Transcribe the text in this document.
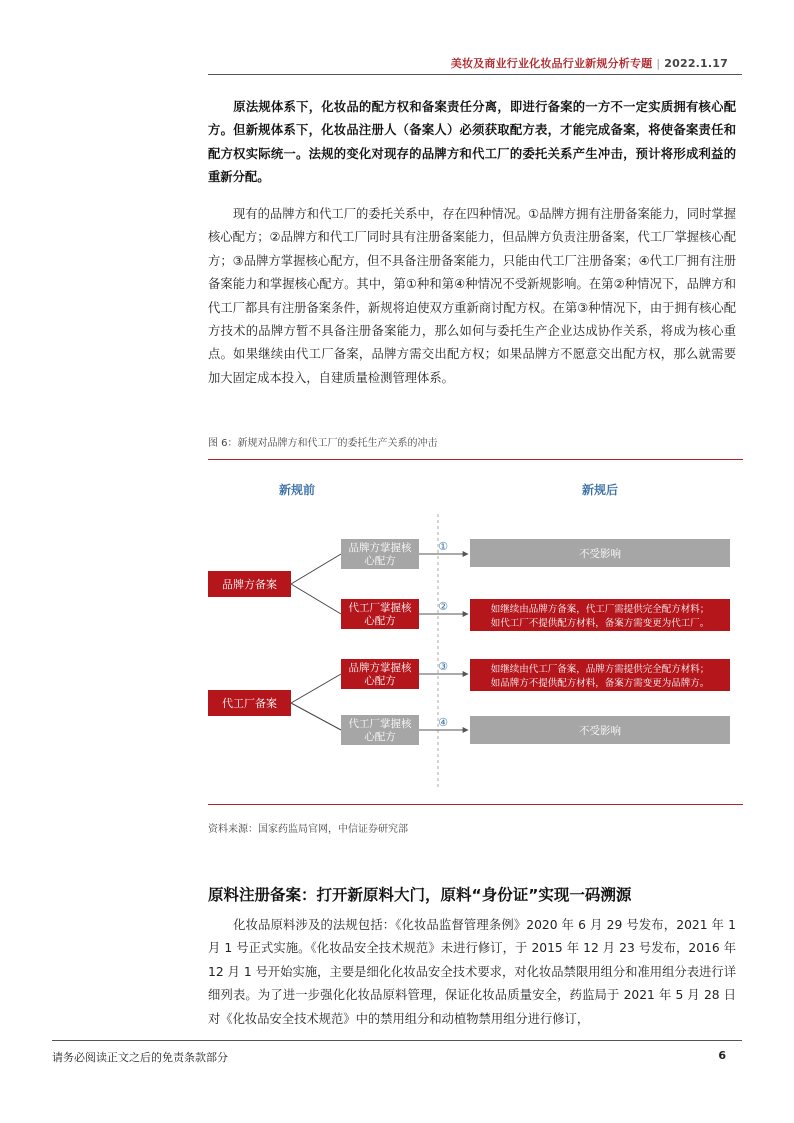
美妆及商业行业化妆品行业新规分析专题 | 2022.1.17
原法规体系下，化妆品的配方权和备案责任分离，即进行备案的一方不一定实质拥有核心配方。但新规体系下，化妆品注册人（备案人）必须获取配方表，才能完成备案，将使备案责任和配方权实际统一。法规的变化对现存的品牌方和代工厂的委托关系产生冲击，预计将形成利益的重新分配。
现有的品牌方和代工厂的委托关系中，存在四种情况。①品牌方拥有注册备案能力，同时掌握核心配方；②品牌方和代工厂同时具有注册备案能力，但品牌方负责注册备案，代工厂掌握核心配方；③品牌方掌握核心配方，但不具备注册备案能力，只能由代工厂注册备案；④代工厂拥有注册备案能力和掌握核心配方。其中，第①种和第④种情况不受新规影响。在第②种情况下，品牌方和代工厂都具有注册备案条件，新规将迫使双方重新商讨配方权。在第③种情况下，由于拥有核心配方技术的品牌方暂不具备注册备案能力，那么如何与委托生产企业达成协作关系，将成为核心重点。如果继续由代工厂备案，品牌方需交出配方权；如果品牌方不愿意交出配方权，那么就需要加大固定成本投入，自建质量检测管理体系。
图 6：新规对品牌方和代工厂的委托生产关系的冲击
新规前	新规后
品牌方备案
代工厂备案
品牌方掌握核
心配方
代工厂掌握核
心配方
品牌方掌握核
心配方
代工厂掌握核
心配方
①
②
③
④
不受影响
如继续由品牌方备案，代工厂需提供完全配方材料；
如代工厂不提供配方材料，备案方需变更为代工厂。
如继续由代工厂备案，品牌方需提供完全配方材料；
如品牌方不提供配方材料，备案方需变更为品牌方。
不受影响
资料来源：国家药监局官网，中信证券研究部
原料注册备案：打开新原料大门，原料“身份证”实现一码溯源
化妆品原料涉及的法规包括：《化妆品监督管理条例》2020 年 6 月 29 号发布，2021 年 1 月 1 号正式实施。《化妆品安全技术规范》未进行修订，于 2015 年 12 月 23 号发布，2016 年 12 月 1 号开始实施，主要是细化化妆品安全技术要求，对化妆品禁限用组分和准用组分表进行详细列表。为了进一步强化化妆品原料管理，保证化妆品质量安全，药监局于 2021 年 5 月 28 日对《化妆品安全技术规范》中的禁用组分和动植物禁用组分进行修订，
请务必阅读正文之后的免责条款部分	6
